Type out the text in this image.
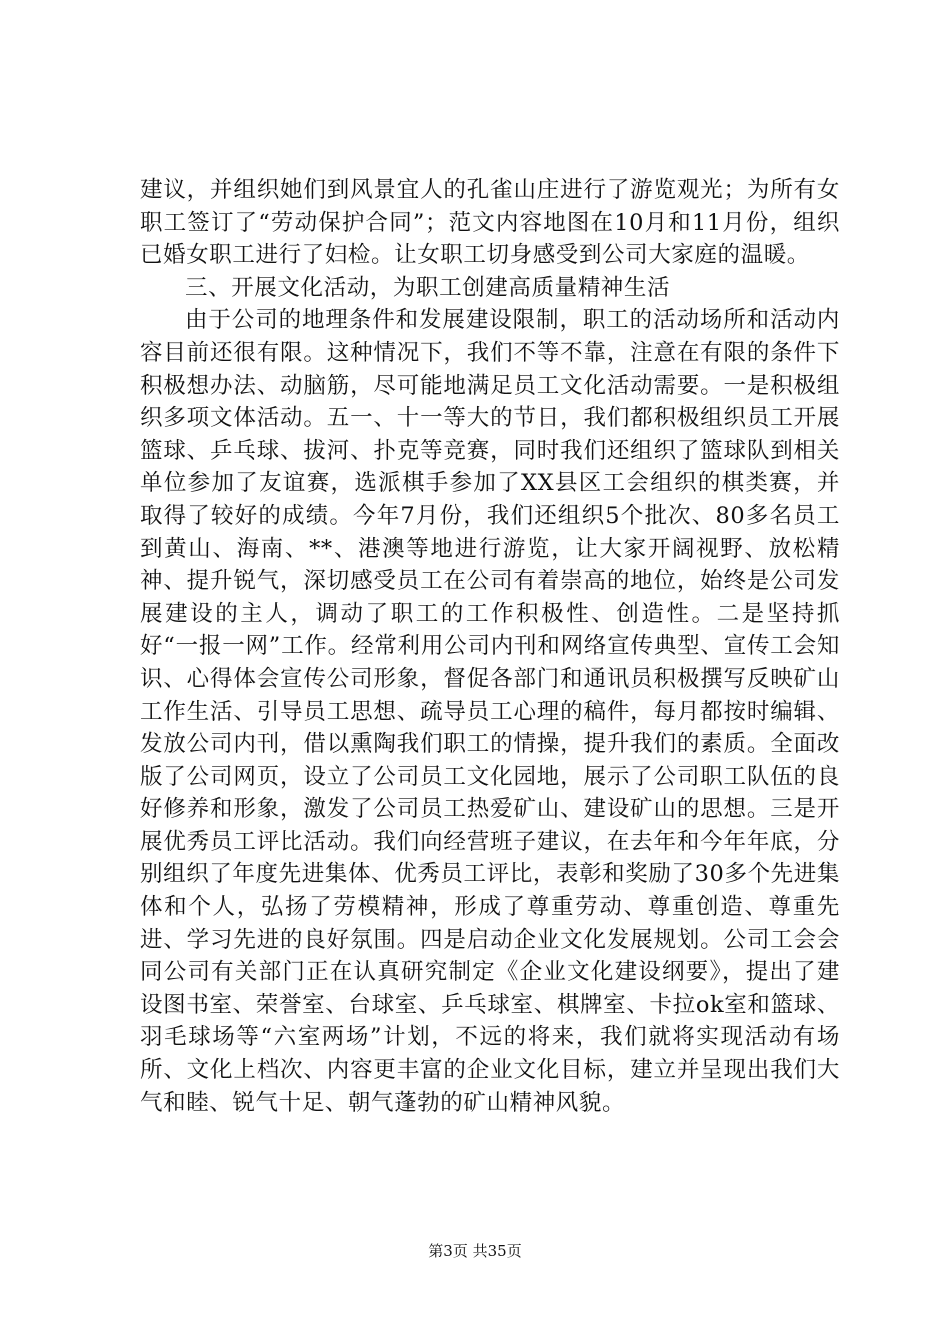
建议，并组织她们到风景宜人的孔雀山庄进行了游览观光；为所有女职工签订了“劳动保护合同”；范文内容地图在10月和11月份，组织已婚女职工进行了妇检。让女职工切身感受到公司大家庭的温暖。

三、开展文化活动，为职工创建高质量精神生活

由于公司的地理条件和发展建设限制，职工的活动场所和活动内容目前还很有限。这种情况下，我们不等不靠，注意在有限的条件下积极想办法、动脑筋，尽可能地满足员工文化活动需要。一是积极组织多项文体活动。五一、十一等大的节日，我们都积极组织员工开展篮球、乒乓球、拔河、扑克等竞赛，同时我们还组织了篮球队到相关单位参加了友谊赛，选派棋手参加了XX县区工会组织的棋类赛，并取得了较好的成绩。今年7月份，我们还组织5个批次、80多名员工到黄山、海南、**、港澳等地进行游览，让大家开阔视野、放松精神、提升锐气，深切感受员工在公司有着崇高的地位，始终是公司发展建设的主人，调动了职工的工作积极性、创造性。二是坚持抓好“一报一网”工作。经常利用公司内刊和网络宣传典型、宣传工会知识、心得体会宣传公司形象，督促各部门和通讯员积极撰写反映矿山工作生活、引导员工思想、疏导员工心理的稿件，每月都按时编辑、发放公司内刊，借以熏陶我们职工的情操，提升我们的素质。全面改版了公司网页，设立了公司员工文化园地，展示了公司职工队伍的良好修养和形象，激发了公司员工热爱矿山、建设矿山的思想。三是开展优秀员工评比活动。我们向经营班子建议，在去年和今年年底，分别组织了年度先进集体、优秀员工评比，表彰和奖励了30多个先进集体和个人，弘扬了劳模精神，形成了尊重劳动、尊重创造、尊重先进、学习先进的良好氛围。四是启动企业文化发展规划。公司工会会同公司有关部门正在认真研究制定《企业文化建设纲要》，提出了建设图书室、荣誉室、台球室、乒乓球室、棋牌室、卡拉ok室和篮球、羽毛球场等“六室两场”计划，不远的将来，我们就将实现活动有场所、文化上档次、内容更丰富的企业文化目标，建立并呈现出我们大气和睦、锐气十足、朝气蓬勃的矿山精神风貌。

第3页 共35页
